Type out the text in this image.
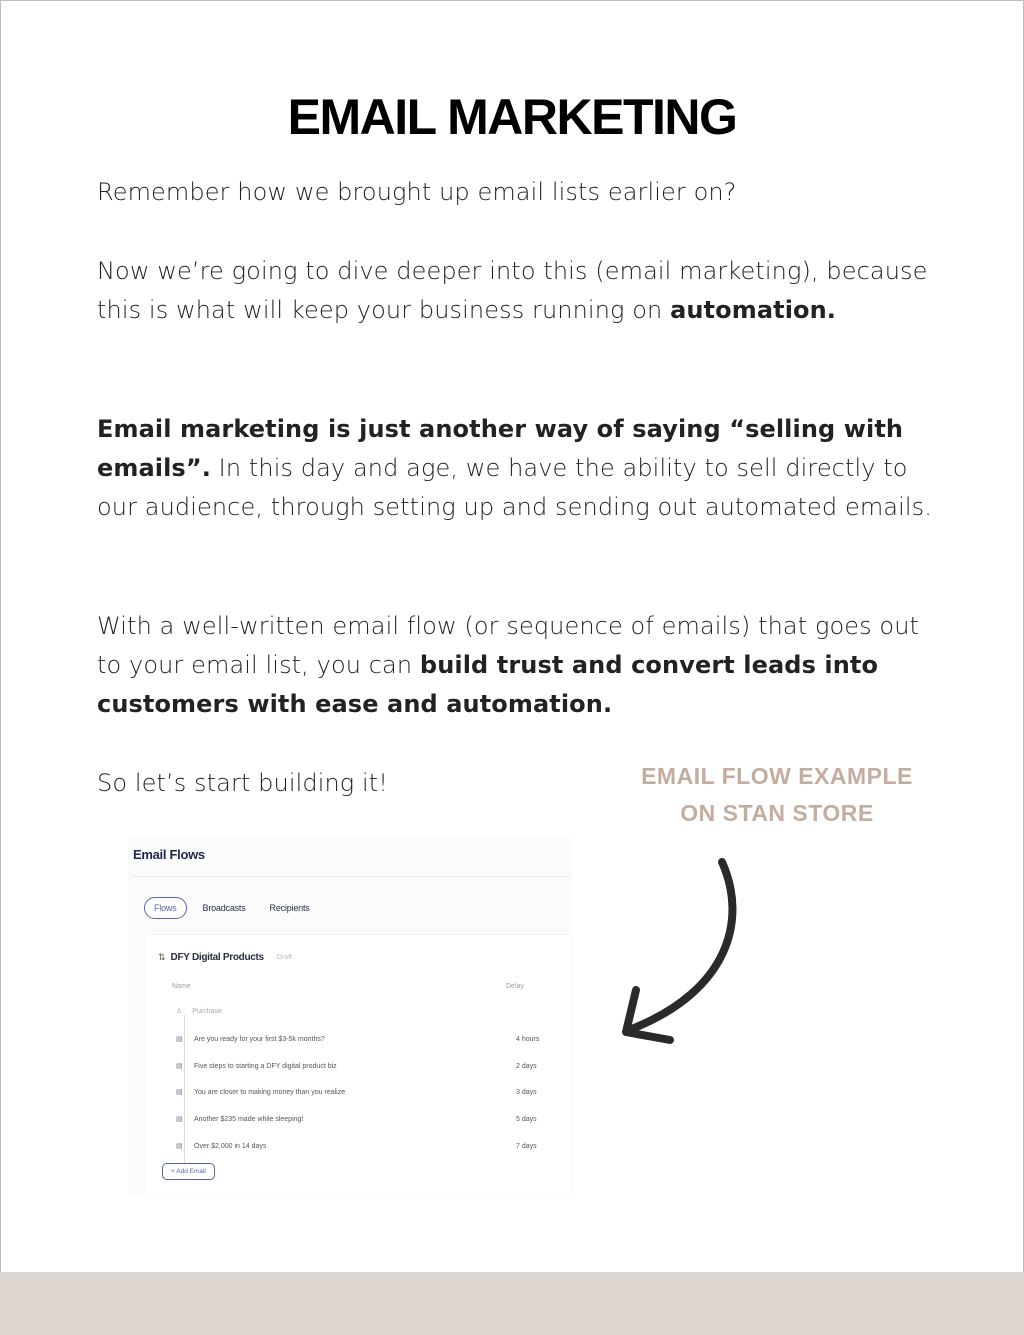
EMAIL MARKETING

Remember how we brought up email lists earlier on?

Now we’re going to dive deeper into this (email marketing), because this is what will keep your business running on automation.

Email marketing is just another way of saying “selling with emails”. In this day and age, we have the ability to sell directly to our audience, through setting up and sending out automated emails.

With a well-written email flow (or sequence of emails) that goes out to your email list, you can build trust and convert leads into customers with ease and automation.

So let’s start building it!	EMAIL FLOW EXAMPLE
ON STAN STORE
Email Flows
Flows	Broadcasts	Recipients
⇅ DFY Digital Products Draft
Name	Delay
♙ Purchase
▤	Are you ready for your first $3-5k months?	4 hours
▤	Five steps to starting a DFY digital product biz	2 days
▤	You are closer to making money than you realize	3 days
▤	Another $235 made while sleeping!	5 days
▤	Over $2,000 in 14 days	7 days
+ Add Email
